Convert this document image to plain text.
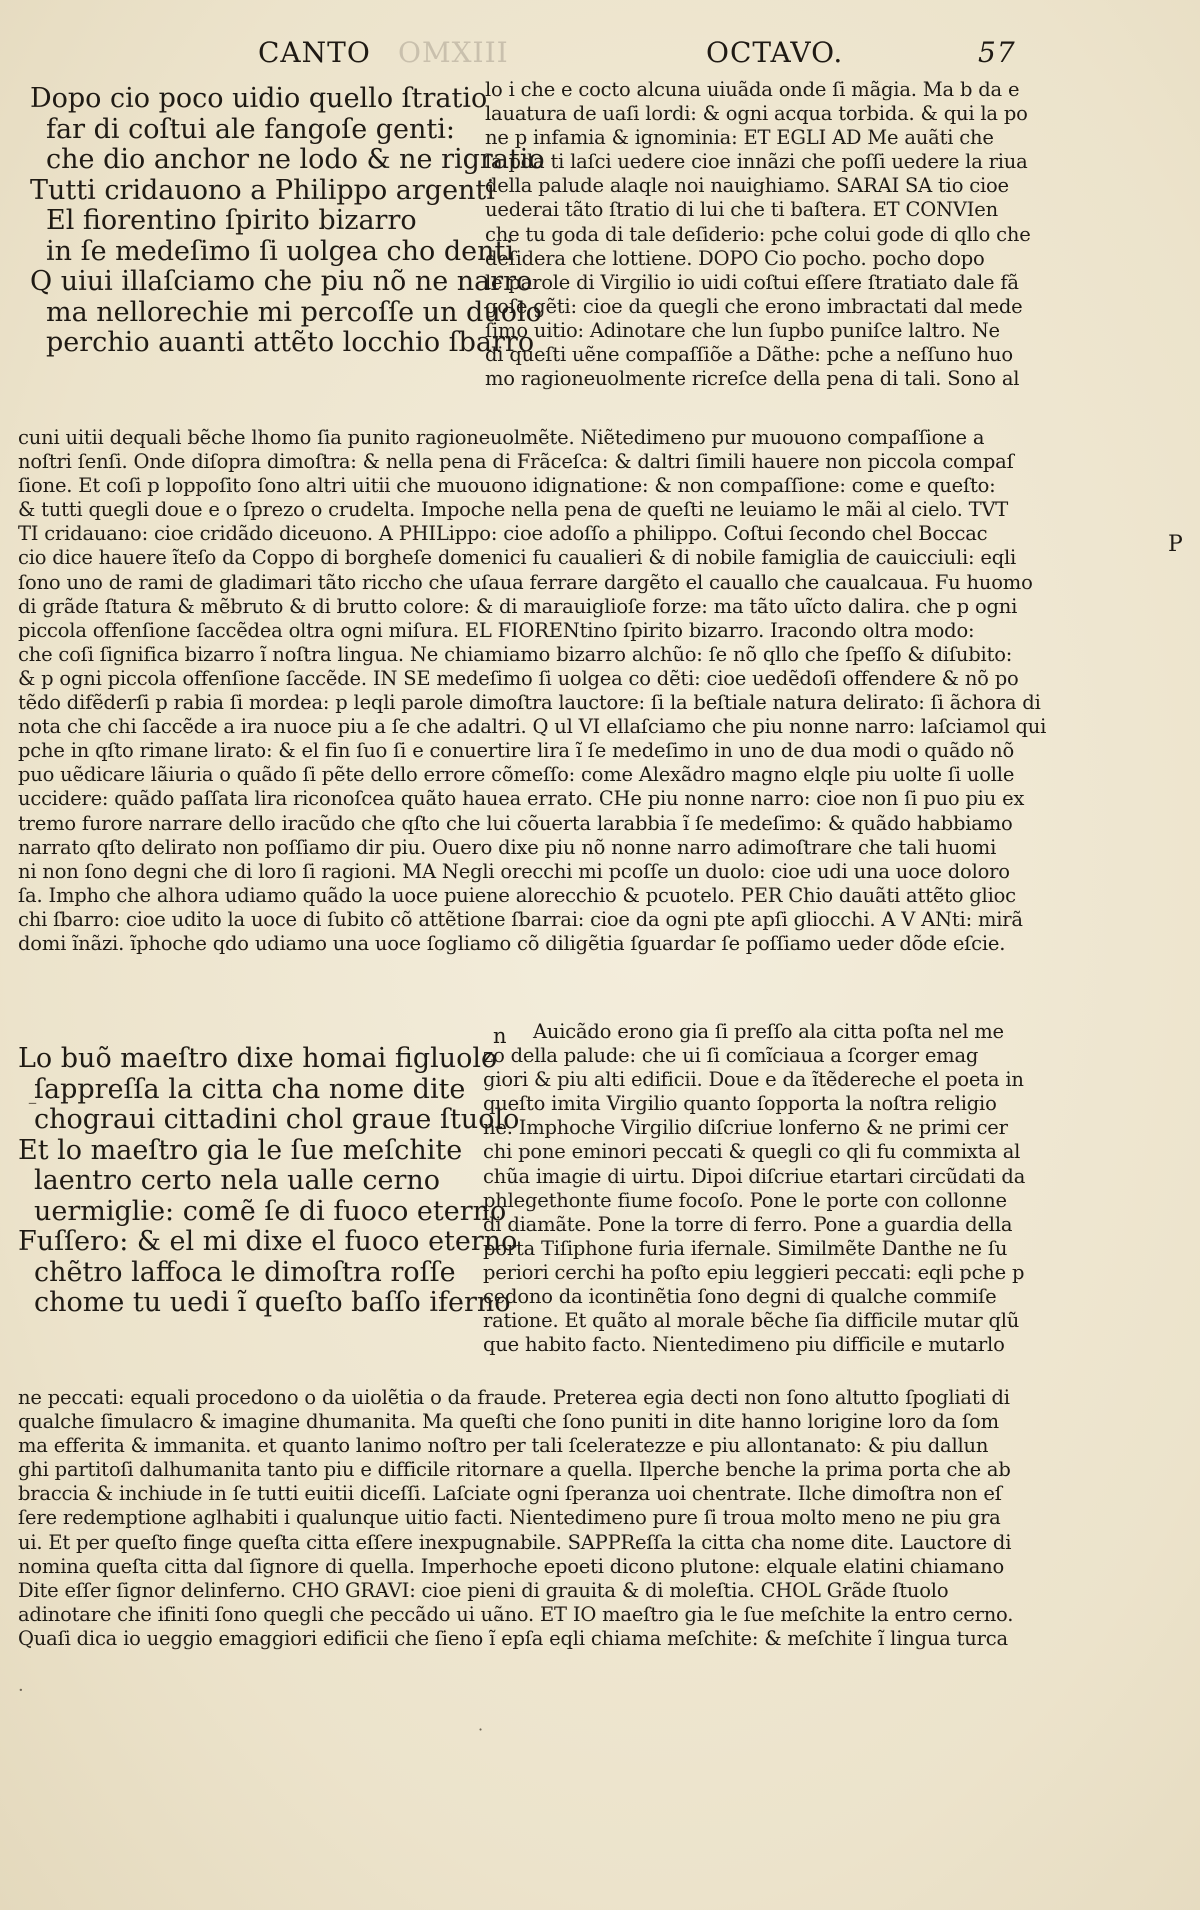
CANTO OMXIII	OCTAVO.	57
Dopo cio poco uidio quello ſtratio
far di coſtui ale fangoſe genti:
che dio anchor ne lodo & ne rigratio
Tutti cridauono a Philippo argenti
El fiorentino ſpirito bizarro
in ſe medeſimo ſi uolgea cho denti
Q uiui illaſciamo che piu nõ ne narro
ma nellorechie mi percoſſe un duolo
perchio auanti attẽto locchio ſbarro
lo i che e cocto alcuna uiuãda onde ſi mãgia. Ma b da e
lauatura de uaſi lordi: & ogni acqua torbida. & qui la po
ne p infamia & ignominia: ET EGLI AD Me auãti che
la pda ti laſci uedere cioe innãzi che poſſi uedere la riua
della palude alaqle noi nauighiamo. SARAI SA tio cioe
uederai tãto ſtratio di lui che ti baſtera. ET CONVIen
che tu goda di tale deſiderio: pche colui gode di qllo che
deſidera che lottiene. DOPO Cio pocho. pocho dopo
le parole di Virgilio io uidi coſtui eſſere ſtratiato dale fã
goſe gẽti: cioe da quegli che erono imbractati dal mede
ſimo uitio: Adinotare che lun ſupbo puniſce laltro. Ne
di queſti uẽne compaſſiõe a Dãthe: pche a neſſuno huo
mo ragioneuolmente ricreſce della pena di tali. Sono al
cuni uitii dequali bẽche lhomo ſia punito ragioneuolmẽte. Niẽtedimeno pur muouono compaſſione a
noſtri ſenſi. Onde diſopra dimoſtra: & nella pena di Frãceſca: & daltri ſimili hauere non piccola compaſ
ſione. Et coſi p loppoſito ſono altri uitii che muouono idignatione: & non compaſſione: come e queſto:
& tutti quegli doue e o ſprezo o crudelta. Impoche nella pena de queſti ne leuiamo le mãi al cielo. TVT
TI cridauano: cioe cridãdo diceuono. A PHILippo: cioe adoſſo a philippo. Coſtui ſecondo chel Boccac
cio dice hauere ĩteſo da Coppo di borgheſe domenici fu caualieri & di nobile famiglia de cauicciuli: eqli
ſono uno de rami de gladimari tãto riccho che uſaua ferrare dargẽto el cauallo che caualcaua. Fu huomo
di grãde ſtatura & mẽbruto & di brutto colore: & di marauiglioſe forze: ma tãto uĩcto dalira. che p ogni
piccola offenſione ſaccẽdea oltra ogni miſura. EL FIORENtino ſpirito bizarro. Iracondo oltra modo:
che coſi ſignifica bizarro ĩ noſtra lingua. Ne chiamiamo bizarro alchũo: ſe nõ qllo che ſpeſſo & diſubito:
& p ogni piccola offenſione ſaccẽde. IN SE medeſimo ſi uolgea co dẽti: cioe uedẽdoſi offendere & nõ po
tẽdo difẽderſi p rabia ſi mordea: p leqli parole dimoſtra lauctore: ſi la beſtiale natura delirato: ſi ãchora di
nota che chi ſaccẽde a ira nuoce piu a ſe che adaltri. Q ul VI ellaſciamo che piu nonne narro: laſciamol qui
pche in qſto rimane lirato: & el fin ſuo ſi e conuertire lira ĩ ſe medeſimo in uno de dua modi o quãdo nõ
puo uẽdicare lãiuria o quãdo ſi pẽte dello errore cõmeſſo: come Alexãdro magno elqle piu uolte ſi uolle
uccidere: quãdo paſſata lira riconoſcea quãto hauea errato. CHe piu nonne narro: cioe non ſi puo piu ex
tremo furore narrare dello iracũdo che qſto che lui cõuerta larabbia ĩ ſe medeſimo: & quãdo habbiamo
narrato qſto delirato non poſſiamo dir piu. Ouero dixe piu nõ nonne narro adimoſtrare che tali huomi
ni non ſono degni che di loro ſi ragioni. MA Negli orecchi mi pcoſſe un duolo: cioe udi una uoce doloro
ſa. Impho che alhora udiamo quãdo la uoce puiene alorecchio & pcuotelo. PER Chio dauãti attẽto glioc
chi ſbarro: cioe udito la uoce di ſubito cõ attẽtione ſbarrai: cioe da ogni pte apſi gliocchi. A V ANti: mirã
domi ĩnãzi. ĩphoche qdo udiamo una uoce ſogliamo cõ diligẽtia ſguardar ſe poſſiamo ueder dõde eſcie.
P
n
Lo buõ maeſtro dixe homai figluolo
ſappreſſa la citta cha nome dite
chograui cittadini chol graue ſtuolo
Et lo maeſtro gia le ſue meſchite
laentro certo nela ualle cerno
uermiglie: comẽ ſe di fuoco eterno
Fuſſero: & el mi dixe el fuoco eterno
chẽtro laffoca le dimoſtra roſſe
chome tu uedi ĩ queſto baſſo iferno
Auicãdo erono gia ſi preſſo ala citta poſta nel me
zo della palude: che ui ſi comĩciaua a ſcorger emag
giori & piu alti edificii. Doue e da ĩtẽdereche el poeta in
queſto imita Virgilio quanto ſopporta la noſtra religio
ne. Imphoche Virgilio diſcriue lonferno & ne primi cer
chi pone eminori peccati & quegli co qli fu commixta al
chũa imagie di uirtu. Dipoi diſcriue etartari circũdati da
phlegethonte fiume focoſo. Pone le porte con collonne
di diamãte. Pone la torre di ferro. Pone a guardia della
porta Tiſiphone furia ifernale. Similmẽte Danthe ne ſu
periori cerchi ha poſto epiu leggieri peccati: eqli pche p
cedono da icontinẽtia ſono degni di qualche commiſe
ratione. Et quãto al morale bẽche ſia difficile mutar qlũ
que habito facto. Nientedimeno piu difficile e mutarlo
ne peccati: equali procedono o da uiolẽtia o da fraude. Preterea egia decti non ſono altutto ſpogliati di
qualche ſimulacro & imagine dhumanita. Ma queſti che ſono puniti in dite hanno lorigine loro da ſom
ma efferita & immanita. et quanto lanimo noſtro per tali ſceleratezze e piu allontanato: & piu dallun
ghi partitoſi dalhumanita tanto piu e difficile ritornare a quella. Ilperche benche la prima porta che ab
braccia & inchiude in ſe tutti euitii diceſſi. Laſciate ogni ſperanza uoi chentrate. Ilche dimoſtra non eſ
ſere redemptione aglhabiti i qualunque uitio facti. Nientedimeno pure ſi troua molto meno ne piu gra
ui. Et per queſto finge queſta citta eſſere inexpugnabile. SAPPReſſa la citta cha nome dite. Lauctore di
nomina queſta citta dal ſignore di quella. Imperhoche epoeti dicono plutone: elquale elatini chiamano
Dite eſſer ſignor delinferno. CHO GRAVI: cioe pieni di grauita & di moleſtia. CHOL Grãde ſtuolo
adinotare che ifiniti ſono quegli che peccãdo ui uãno. ET IO maeſtro gia le ſue meſchite la entro cerno.
Quaſi dica io ueggio emaggiori edificii che ſieno ĩ epſa eqli chiama meſchite: & meſchite ĩ lingua turca
–
·
·
